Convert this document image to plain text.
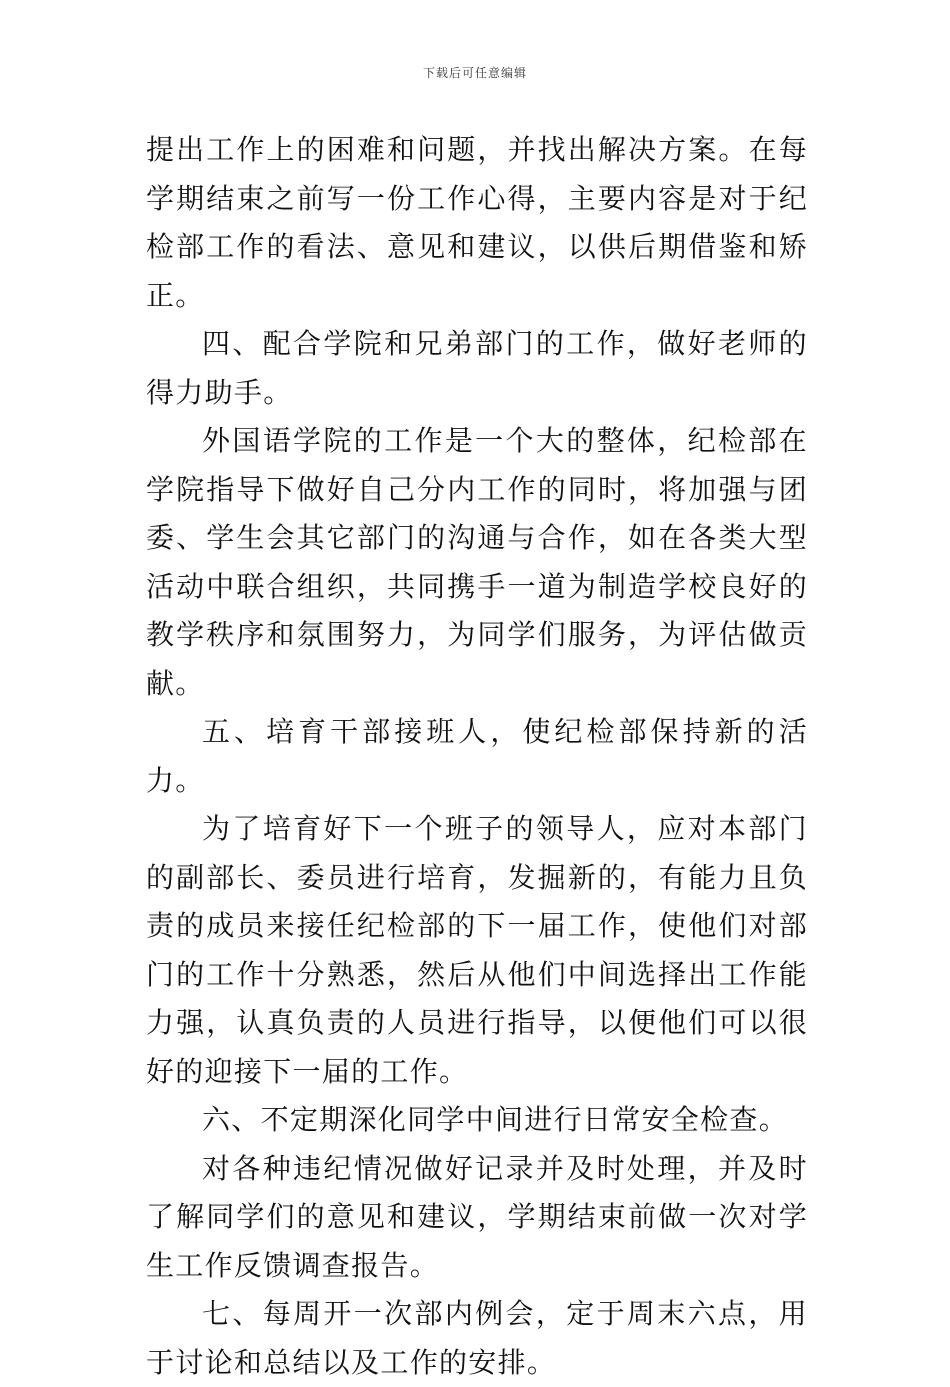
下载后可任意编辑

提出工作上的困难和问题，并找出解决方案。在每学期结束之前写一份工作心得，主要内容是对于纪检部工作的看法、意见和建议，以供后期借鉴和矫正。

四、配合学院和兄弟部门的工作，做好老师的得力助手。

外国语学院的工作是一个大的整体，纪检部在学院指导下做好自己分内工作的同时，将加强与团委、学生会其它部门的沟通与合作，如在各类大型活动中联合组织，共同携手一道为制造学校良好的教学秩序和氛围努力，为同学们服务，为评估做贡献。

五、培育干部接班人，使纪检部保持新的活力。

为了培育好下一个班子的领导人，应对本部门的副部长、委员进行培育，发掘新的，有能力且负责的成员来接任纪检部的下一届工作，使他们对部门的工作十分熟悉，然后从他们中间选择出工作能力强，认真负责的人员进行指导，以便他们可以很好的迎接下一届的工作。

六、不定期深化同学中间进行日常安全检查。

对各种违纪情况做好记录并及时处理，并及时了解同学们的意见和建议，学期结束前做一次对学生工作反馈调查报告。

七、每周开一次部内例会，定于周末六点，用于讨论和总结以及工作的安排。
